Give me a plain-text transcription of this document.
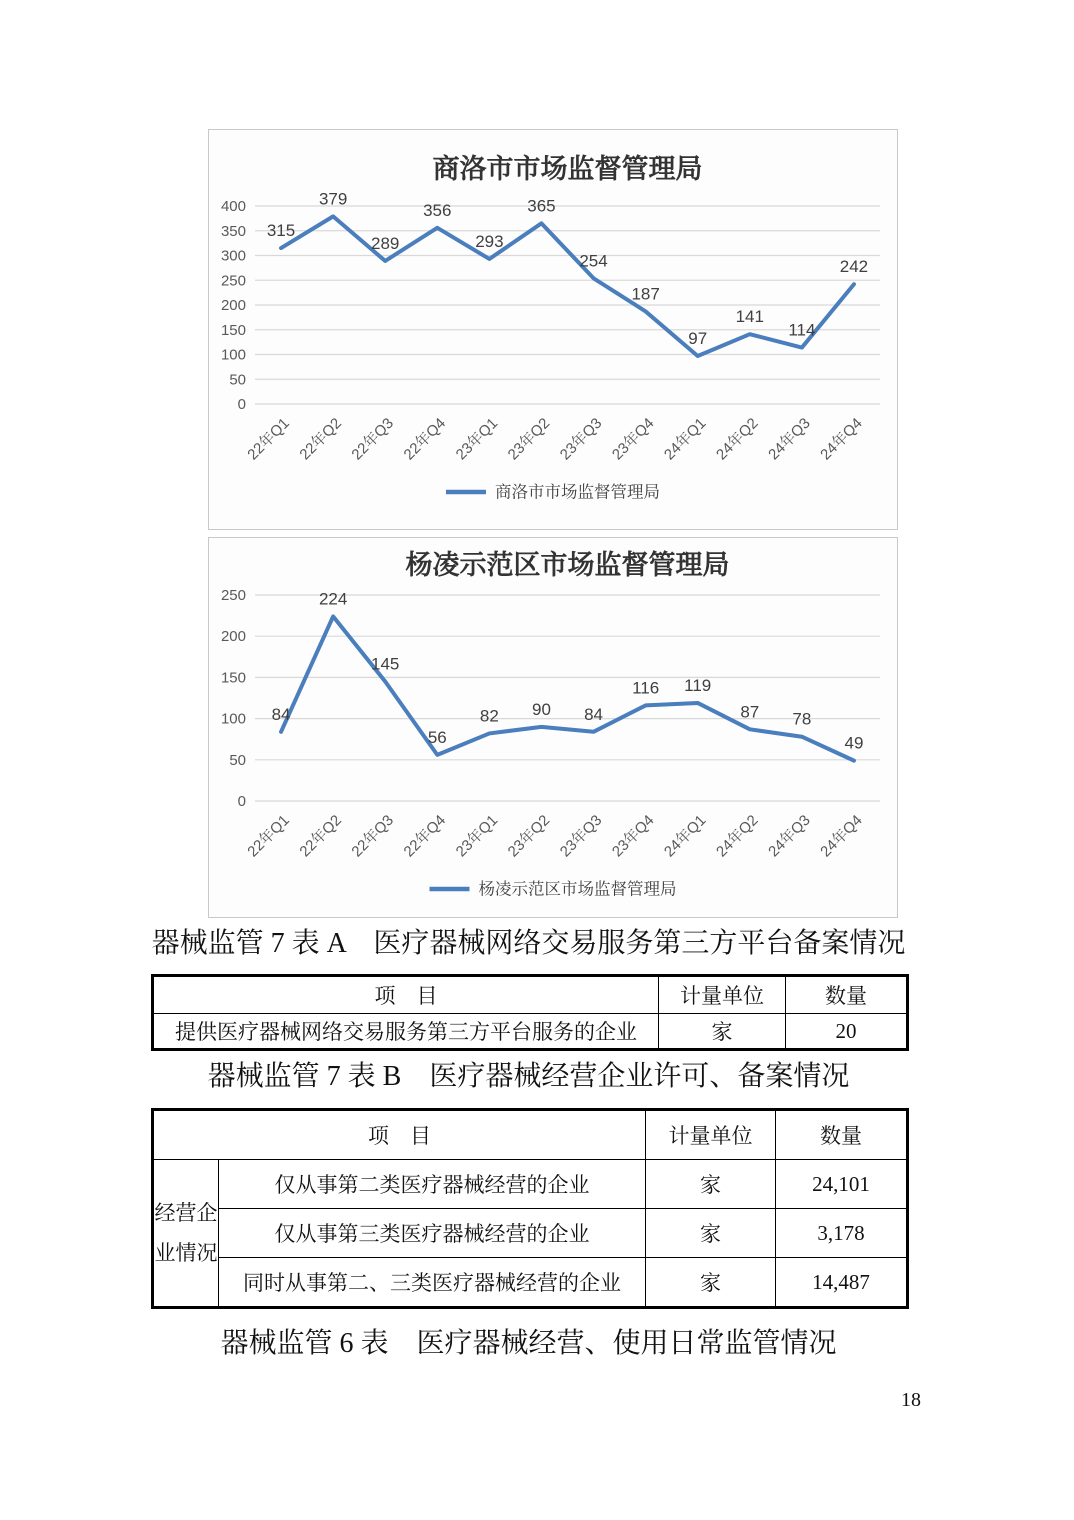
0
50
100
150
200
250
300
350
400
22年Q1 22年Q2 22年Q3 22年Q4 23年Q1 23年Q2 23年Q3 23年Q4 24年Q1 24年Q2 24年Q3 24年Q4
315
379
289
356
293
365
254
187
97
141
114
242
商洛市市场监督管理局
商洛市市场监督管理局
0
50
100
150
200
250
22年Q1 22年Q2 22年Q3 22年Q4 23年Q1 23年Q2 23年Q3 23年Q4 24年Q1 24年Q2 24年Q3 24年Q4
84
224
145
56
82 90 84
116 119
87 78
49
杨凌示范区市场监督管理局
杨凌示范区市场监督管理局

器械监管 7 表 A　医疗器械网络交易服务第三方平台备案情况

项　目	计量单位	数量
提供医疗器械网络交易服务第三方平台服务的企业	家	20

器械监管 7 表 B　医疗器械经营企业许可、备案情况

项　目		计量单位	数量
经营企业情况	仅从事第二类医疗器械经营的企业	家	24,101
	仅从事第三类医疗器械经营的企业	家	3,178
	同时从事第二、三类医疗器械经营的企业	家	14,487

器械监管 6 表　医疗器械经营、使用日常监管情况

18
